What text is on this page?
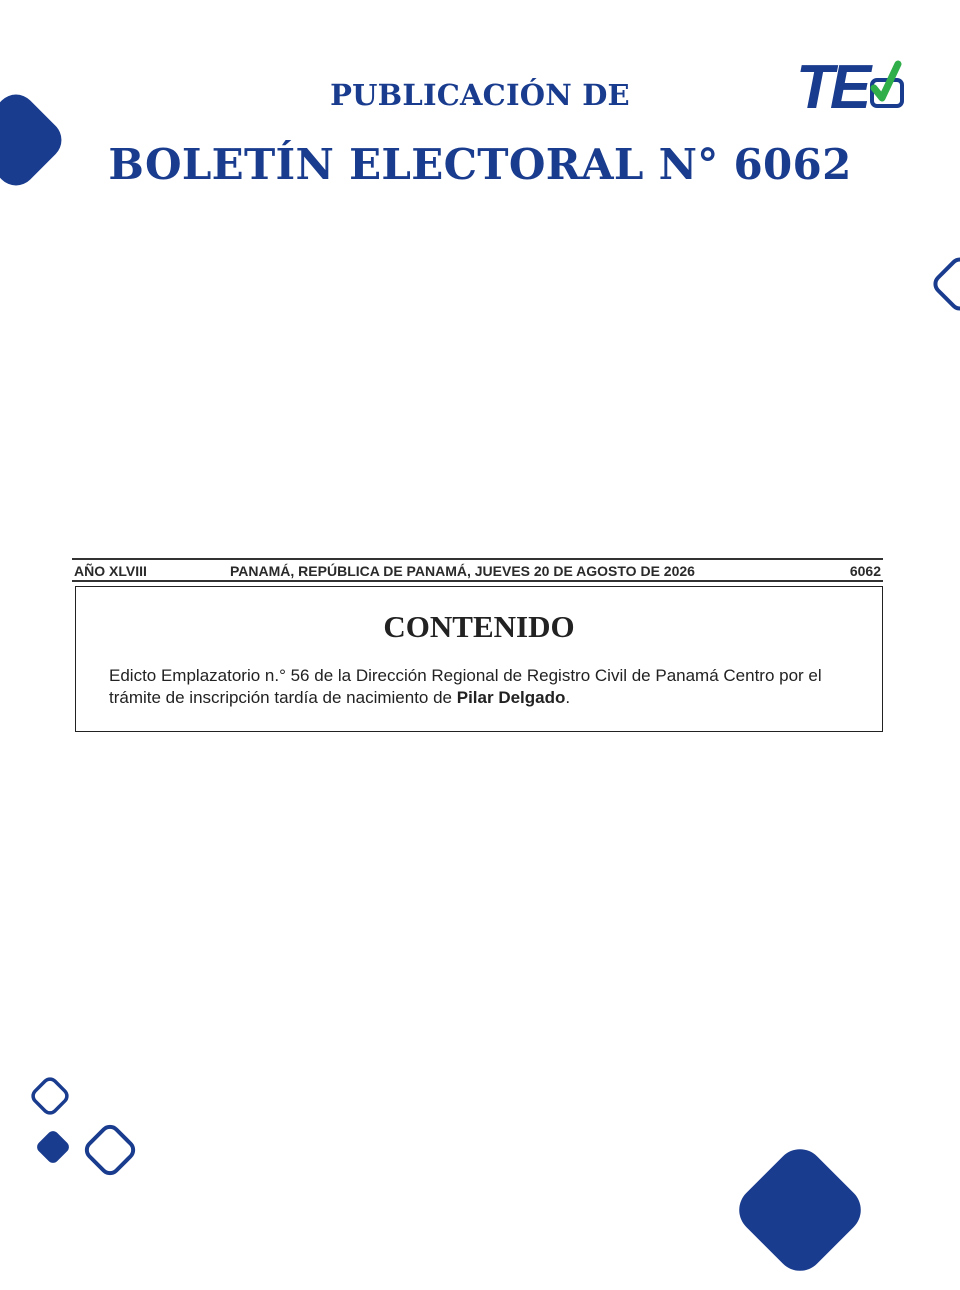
TE
PUBLICACIÓN DE
BOLETÍN ELECTORAL N° 6062
AÑO XLVIII	PANAMÁ, REPÚBLICA DE PANAMÁ, JUEVES 20 DE AGOSTO DE 2026	6062
CONTENIDO
Edicto Emplazatorio n.° 56 de la Dirección Regional de Registro Civil de Panamá Centro por el trámite de inscripción tardía de nacimiento de Pilar Delgado.
